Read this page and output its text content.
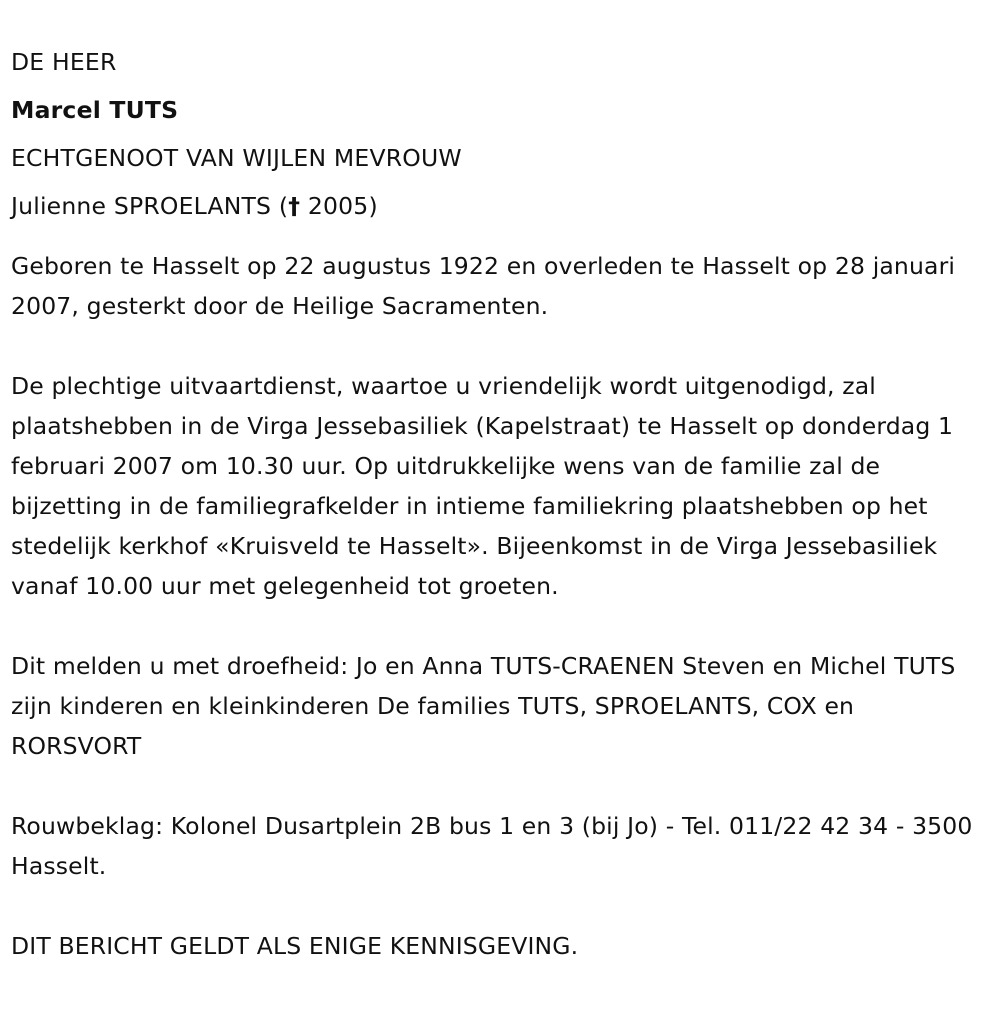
DE HEER

Marcel TUTS

ECHTGENOOT VAN WIJLEN MEVROUW

Julienne SPROELANTS († 2005)

Geboren te Hasselt op 22 augustus 1922 en overleden te Hasselt op 28 januari 2007, gesterkt door de Heilige Sacramenten.

De plechtige uitvaartdienst, waartoe u vriendelijk wordt uitgenodigd, zal plaatshebben in de Virga Jessebasiliek (Kapelstraat) te Hasselt op donderdag 1 februari 2007 om 10.30 uur. Op uitdrukkelijke wens van de familie zal de bijzetting in de familiegrafkelder in intieme familiekring plaatshebben op het stedelijk kerkhof «Kruisveld te Hasselt». Bijeenkomst in de Virga Jessebasiliek vanaf 10.00 uur met gelegenheid tot groeten.

Dit melden u met droefheid: Jo en Anna TUTS-CRAENEN Steven en Michel TUTS zijn kinderen en kleinkinderen De families TUTS, SPROELANTS, COX en RORSVORT

Rouwbeklag: Kolonel Dusartplein 2B bus 1 en 3 (bij Jo) - Tel. 011/22 42 34 - 3500 Hasselt.

DIT BERICHT GELDT ALS ENIGE KENNISGEVING.
